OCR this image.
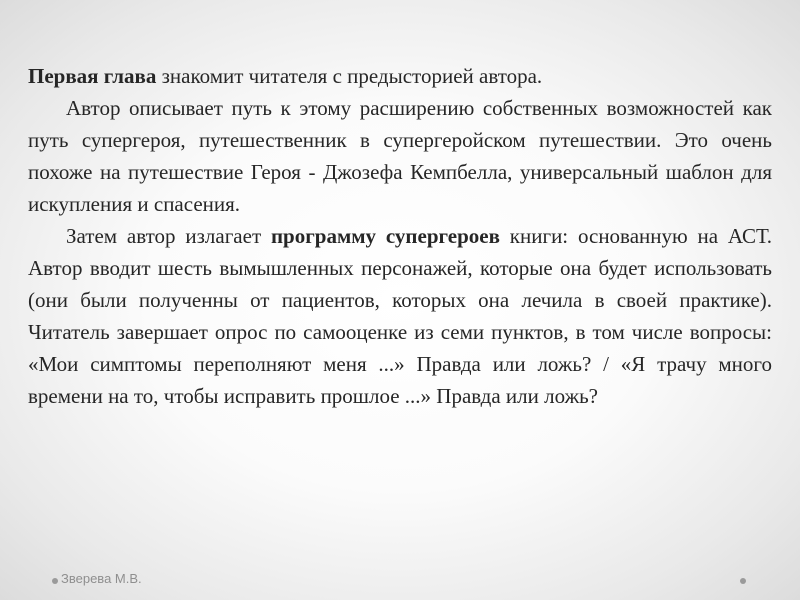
Первая глава знакомит читателя с предысторией автора.

Автор описывает путь к этому расширению собственных возможностей как путь супергероя, путешественник в супергеройском путешествии. Это очень похоже на путешествие Героя - Джозефа Кемпбелла, универсальный шаблон для искупления и спасения.

Затем автор излагает программу супергероев книги: основанную на АСТ. Автор вводит шесть вымышленных персонажей, которые она будет использовать (они были полученны от пациентов, которых она лечила в своей практике). Читатель завершает опрос по самооценке из семи пунктов, в том числе вопросы: «Мои симптомы переполняют меня ...» Правда или ложь? / «Я трачу много времени на то, чтобы исправить прошлое ...» Правда или ложь?

Зверева М.В.
